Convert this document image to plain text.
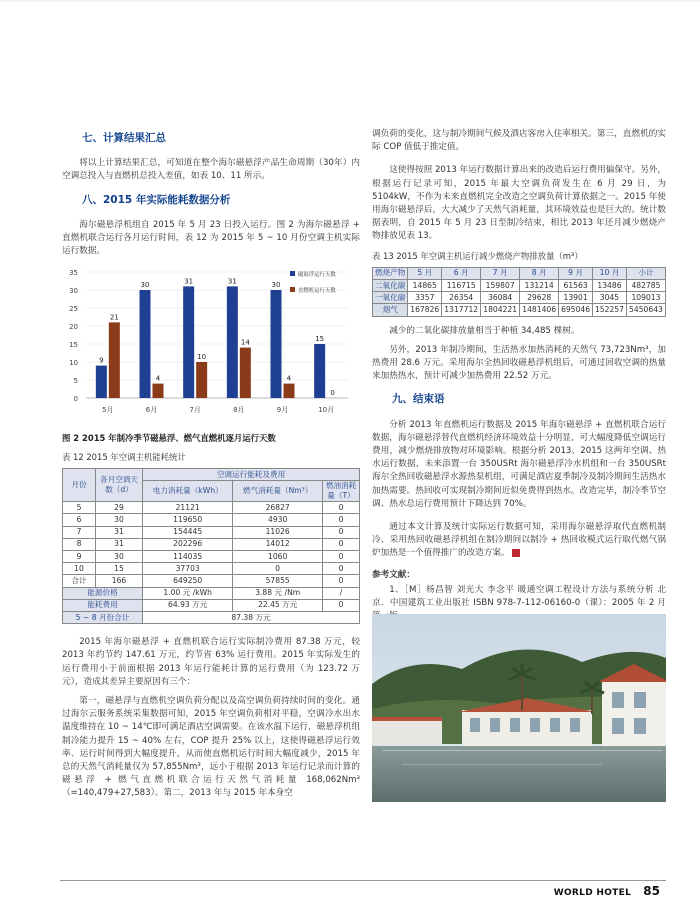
七、计算结果汇总

将以上计算结果汇总，可知道在整个海尔磁悬浮产品生命周期（30年）内空调总投入与直燃机总投入差值，如表 10、11 所示。

八、2015 年实际能耗数据分析

海尔磁悬浮机组自 2015 年 5 月 23 日投入运行。图 2 为海尔磁悬浮 + 直燃机联合运行各月运行时间，表 12 为 2015 年 5 ~ 10 月份空调主机实际运行数据。

0
5
10
15
20
25
30
35
9
21
5月
30
4
6月
31
10
7月
31
14
8月
30
4
9月
15
0
10月
磁悬浮运行天数
直燃机运行天数
图 2 2015 年制冷季节磁悬浮、燃气直燃机逐月运行天数
表 12 2015 年空调主机能耗统计
月份	各月空调天数（d）	空调运行能耗及费用		
		电力消耗量（kWh）	燃气消耗量（Nm³）	燃油消耗量（T）
5	29	21121	26827	0
6	30	119650	4930	0
7	31	154445	11026	0
8	31	202296	14012	0
9	30	114035	1060	0
10	15	37703	0	0
合计	166	649250	57855	0
能源价格		1.00 元 /kWh	3.88 元 /Nm	/
能耗费用		64.93 万元	22.45 万元	0
5 ~ 8 月份合计		87.38 万元		

2015 年海尔磁悬浮 + 直燃机联合运行实际制冷费用 87.38 万元，较 2013 年约节约 147.61 万元，约节省 63% 运行费用。2015 年实际发生的运行费用小于前面根据 2013 年运行能耗计算的运行费用（为 123.72 万元），造成其差异主要原因有三个：

第一，磁悬浮与直燃机空调负荷分配以及高空调负荷持续时间的变化。通过海尔云服务系统采集数据可知，2015 年空调负荷相对平稳，空调冷水出水温度维持在 10 ~ 14℃即可满足酒店空调需要。在该水温下运行，磁悬浮机组制冷能力提升 15 ~ 40% 左右，COP 提升 25% 以上，这使得磁悬浮运行效率、运行时间得到大幅度提升，从而使直燃机运行时间大幅度减少，2015 年总的天然气消耗量仅为 57,855Nm³，远小于根据 2013 年运行记录而计算的磁悬浮 + 燃气直燃机联合运行天然气消耗量 168,062Nm³（=140,479+27,583）。第二，2013 年与 2015 年本身空

调负荷的变化，这与制冷期间气候及酒店客房入住率相关。第三，直燃机的实际 COP 值低于推定值。

这使得按照 2013 年运行数据计算出来的改造后运行费用偏保守。另外，根据运行记录可知，2015 年最大空调负荷发生在 6 月 29 日，为 5104kW，不作为未来直燃机完全改造之空调负荷计算依据之一。2015 年使用海尔磁悬浮后，大大减少了天然气消耗量，其环境效益也是巨大的。统计数据表明，自 2015 年 5 月 23 日至制冷结束，相比 2013 年还月减少燃烧产物排放见表 13。

表 13 2015 年空调主机运行减少燃烧产物排放量（m³）
燃烧产物	5 月	6 月	7 月	8 月	9 月	10 月	小计
二氧化碳	14865	116715	159807	131214	61563	13486	482785
一氧化碳	3357	26354	36084	29628	13901	3045	109013
烟气	167826	1317712	1804221	1481406	695046	152257	5450643

减少的二氧化碳排放量相当于种植 34,485 棵树。

另外，2013 年制冷期间，生活热水加热消耗的天然气 73,723Nm³，加热费用 28.6 万元。采用海尔全热回收磁悬浮机组后，可通过回收空调的热量来加热热水，预计可减少加热费用 22.52 万元。

九、结束语

分析 2013 年直燃机运行数据及 2015 年海尔磁悬浮 + 直燃机联合运行数据，海尔磁悬浮替代直燃机经济环境效益十分明显，可大幅度降低空调运行费用，减少燃烧排放物对环境影响。根据分析 2013、2015 这两年空调、热水运行数据，未来添置一台 350USRt 海尔磁悬浮冷水机组和一台 350USRt 海尔全热回收磁悬浮水源热泵机组，可满足酒店夏季制冷及制冷期间生活热水加热需要。热回收可实现制冷期间近似免费得到热水。改造完毕，制冷季节空调、热水总运行费用预计下降达到 70%。

通过本文计算及统计实际运行数据可知，采用海尔磁悬浮取代直燃机制冷、采用热回收磁悬浮机组在制冷期间以制冷 + 热回收模式运行取代燃气锅炉加热是一个值得推广的改造方案。	W

参考文献：

1、［M］杨昌智 刘光大 李念平 暖通空调工程设计方法与系统分析 北京．中国建筑工业出版社 ISBN 978-7-112-06160-0（课）：2005 年 2 月

WORLD HOTEL 85
